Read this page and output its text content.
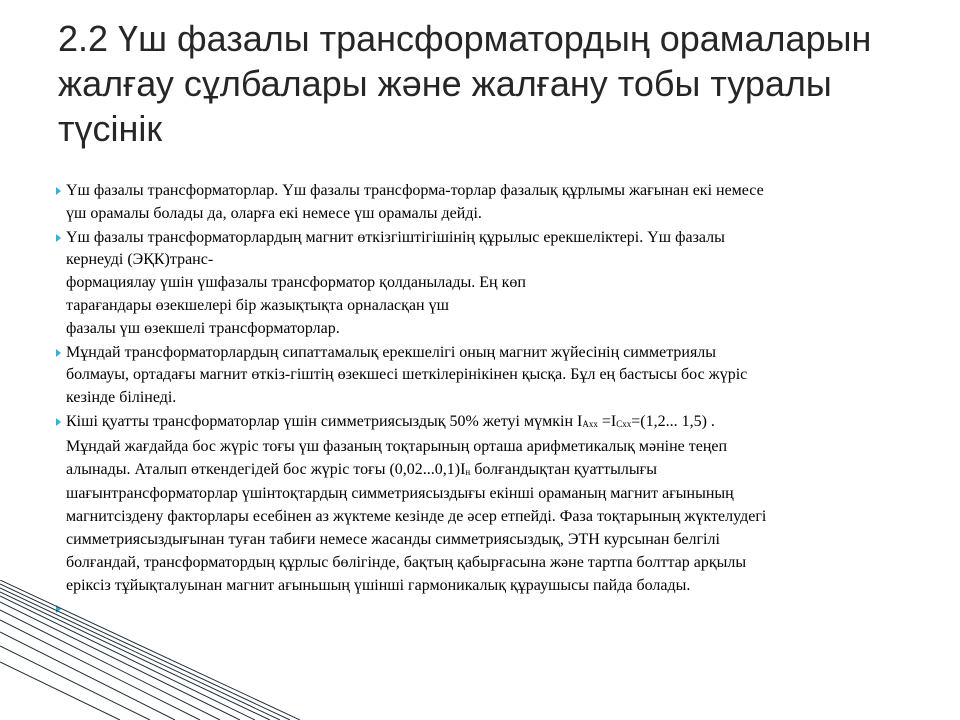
2.2 Үш фазалы трансформатордың орамаларын
жалғау сұлбалары және жалғану тобы туралы
түсінік
Үш фазалы трансформаторлар. Үш фазалы трансформа-торлар фазалық құрлымы жағынан екі немесе
үш орамалы болады да, оларға екі немесе үш орамалы дейді.
Үш фазалы трансформаторлардың магнит өткізгіштігішінің құрылыс ерекшеліктері. Үш фазалы
кернеуді (ЭҚК)транс-
формациялау үшін үшфазалы трансформатор қолданылады. Ең көп
тарағандары өзекшелері бір жазықтықта орналасқан үш
фазалы үш өзекшелі трансформаторлар.
Мұндай трансформаторлардың сипаттамалық ерекшелігі оның магнит жүйесінің симметриялы
болмауы, ортадағы магнит өткіз-гіштің өзекшесі шеткілерінікінен қысқа. Бұл ең бастысы бос жүріс
кезінде білінеді.
Кіші қуатты трансформаторлар үшін симметриясыздық 50% жетуі мүмкін $I_{Axx} =I_{Cxx}=(1,2$... 1,5) .
Мұндай жағдайда бос жүріс тоғы үш фазаның тоқтарының орташа арифметикалық мәніне теңеп
алынады. Аталып өткендегідей бос жүріс тоғы $(0,02...0,1)I_н$ болғандықтан қуаттылығы
шағынтрансформаторлар үшінтоқтардың симметриясыздығы екінші ораманың магнит ағынының
магнитсіздену факторлары есебінен аз жүктеме кезінде де әсер етпейді. Фаза тоқтарының жүктелудегі
симметриясыздығынан туған табиғи немесе жасанды симметриясыздық, ЭТН курсынан белгілі
болғандай, трансформатордың құрлыс бөлігінде, бақтың қабырғасына және тартпа болттар арқылы
еріксіз тұйықталуынан магнит ағыньшың үшінші гармоникалық құраушысы пайда болады.
